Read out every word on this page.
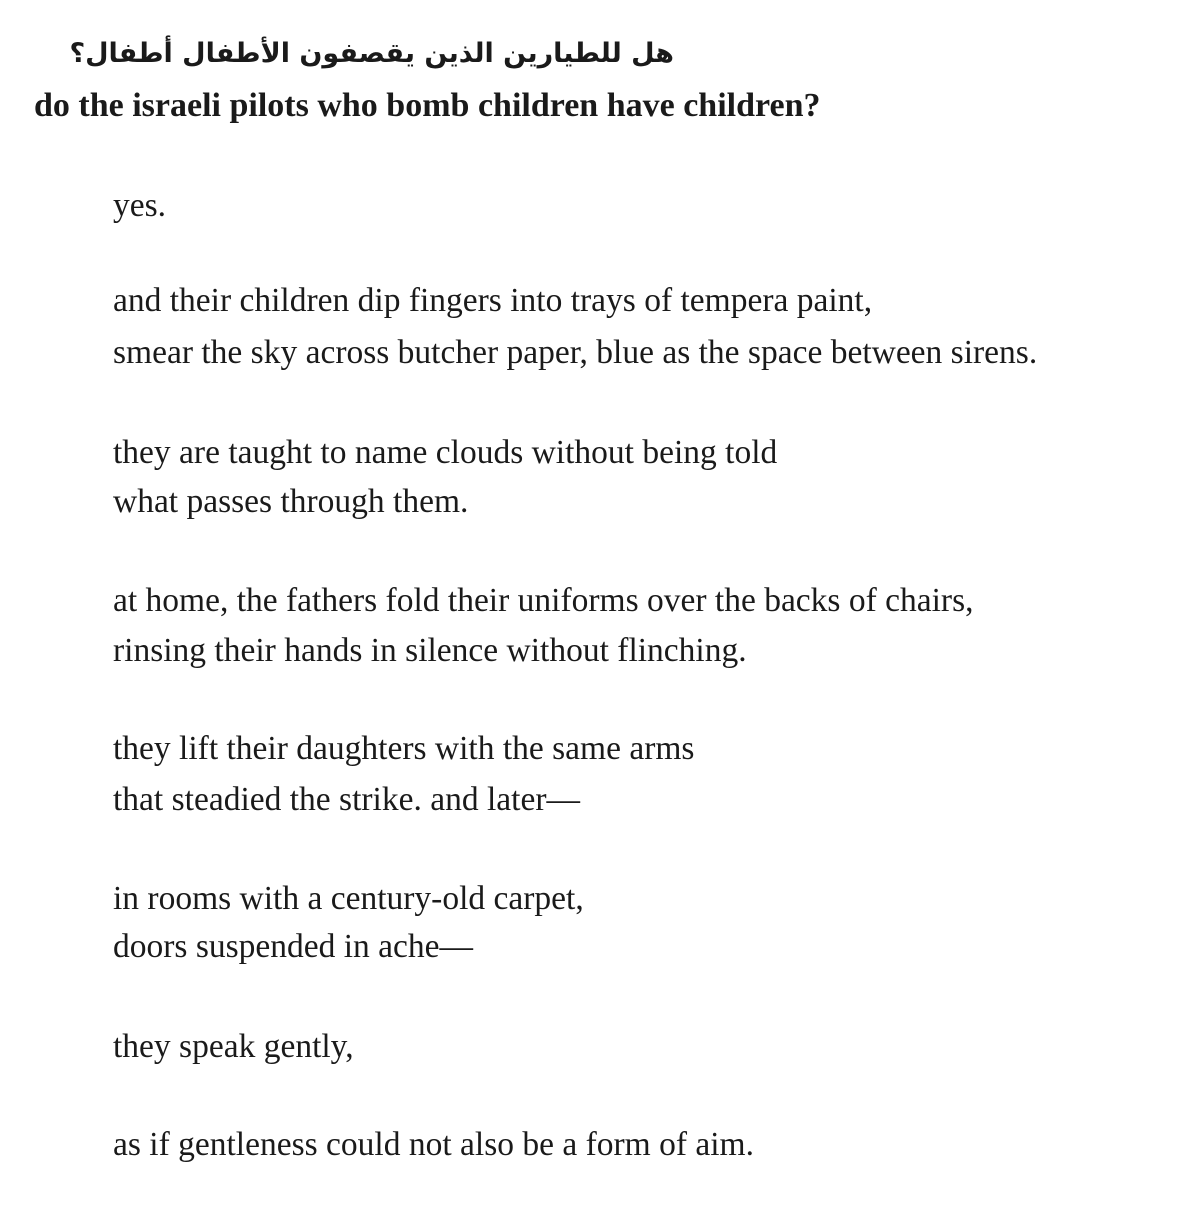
هل للطيارين الذين يقصفون الأطفال أطفال؟
do the israeli pilots who bomb children have children?
yes.
and their children dip fingers into trays of tempera paint,
smear the sky across butcher paper, blue as the space between sirens.
they are taught to name clouds without being told
what passes through them.
at home, the fathers fold their uniforms over the backs of chairs,
rinsing their hands in silence without flinching.
they lift their daughters with the same arms
that steadied the strike. and later—
in rooms with a century-old carpet,
doors suspended in ache—
they speak gently,
as if gentleness could not also be a form of aim.
